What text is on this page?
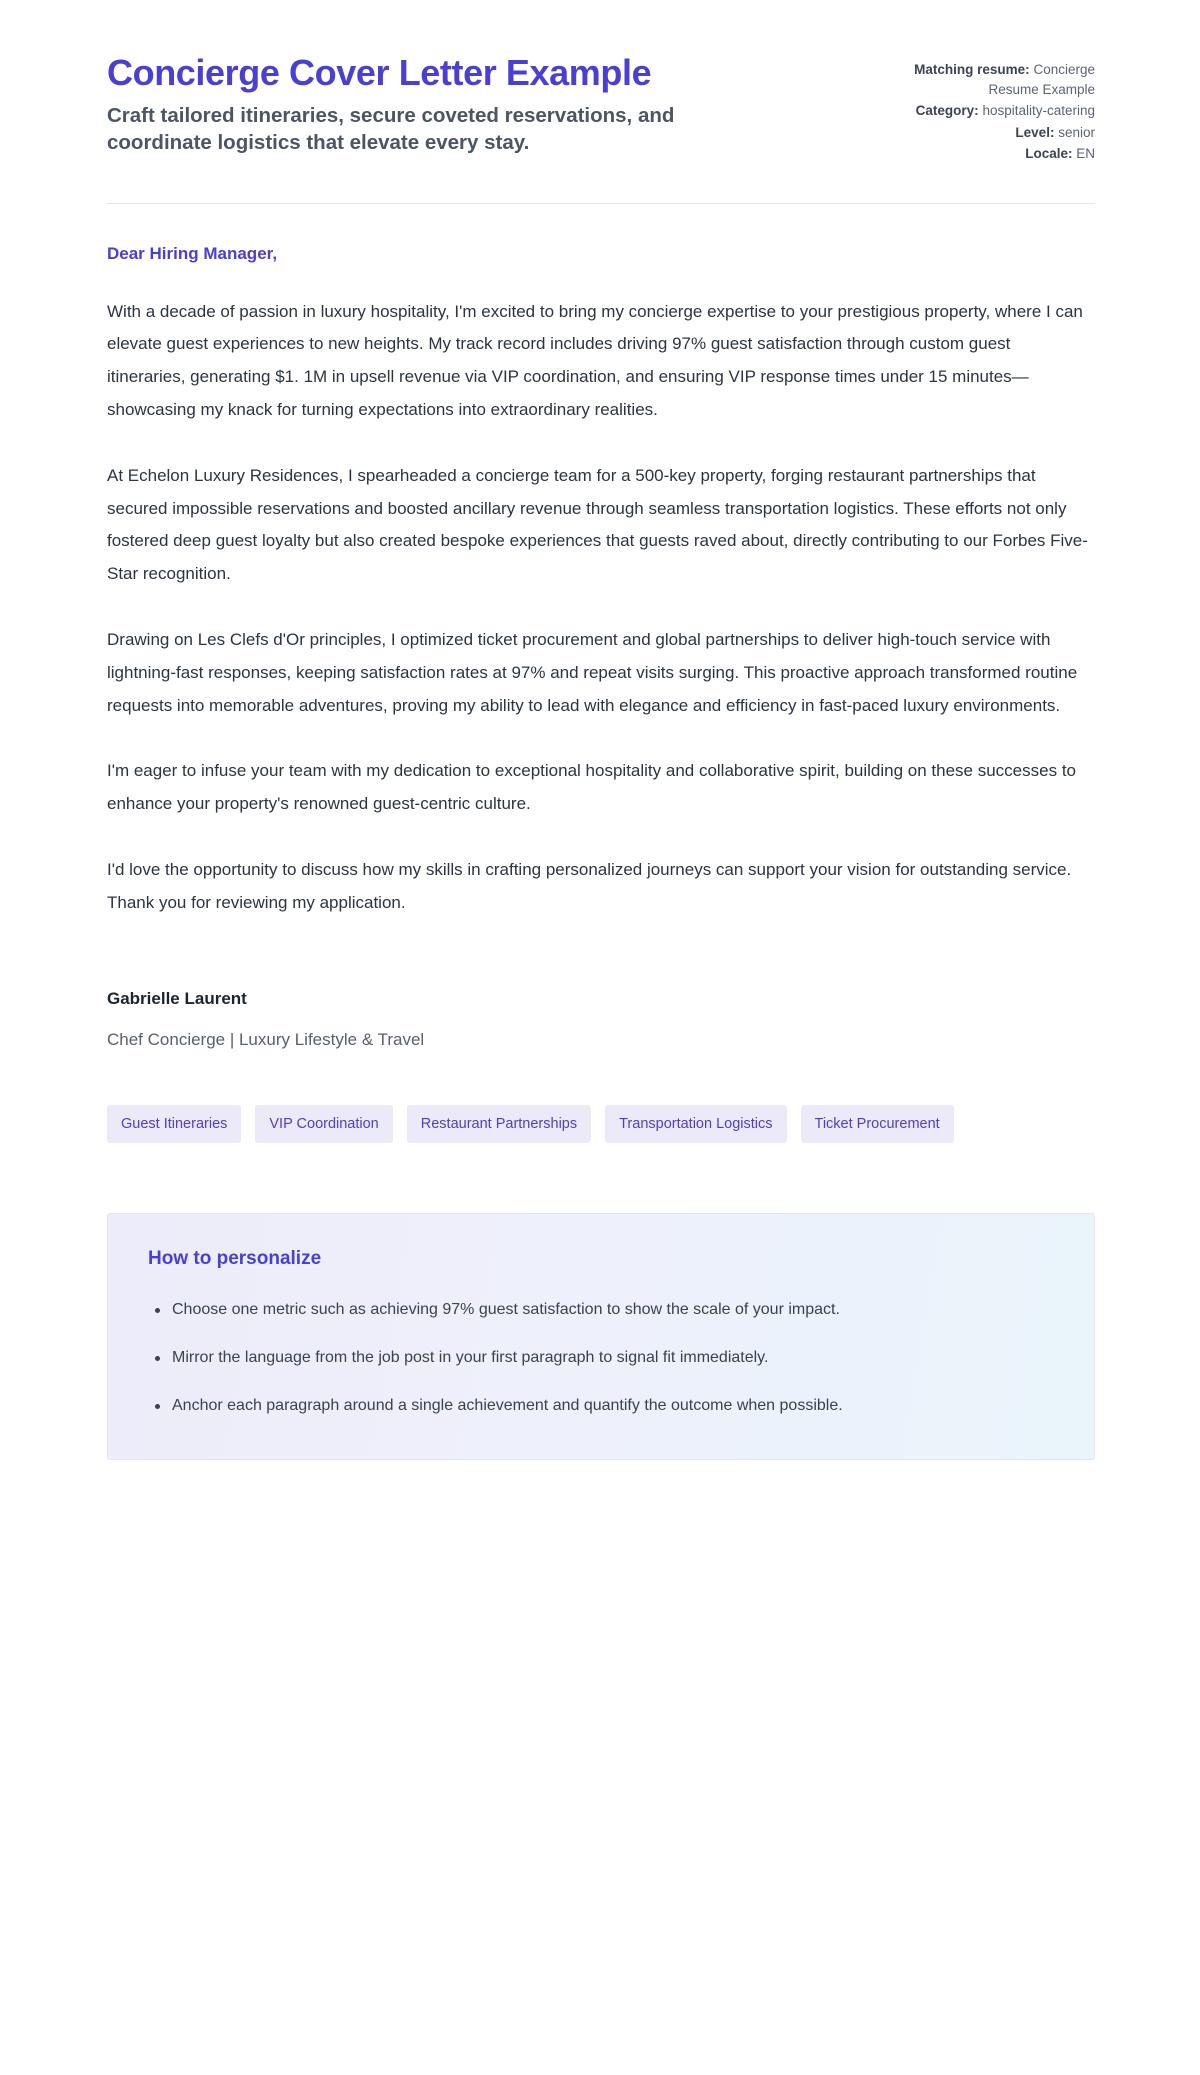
Concierge Cover Letter Example

Craft tailored itineraries, secure coveted reservations, and coordinate logistics that elevate every stay.

Matching resume: Concierge Resume Example
Category: hospitality-catering
Level: senior
Locale: EN

Dear Hiring Manager,

With a decade of passion in luxury hospitality, I'm excited to bring my concierge expertise to your prestigious property, where I can elevate guest experiences to new heights. My track record includes driving 97% guest satisfaction through custom guest itineraries, generating $1. 1M in upsell revenue via VIP coordination, and ensuring VIP response times under 15 minutes—showcasing my knack for turning expectations into extraordinary realities.

At Echelon Luxury Residences, I spearheaded a concierge team for a 500-key property, forging restaurant partnerships that secured impossible reservations and boosted ancillary revenue through seamless transportation logistics. These efforts not only fostered deep guest loyalty but also created bespoke experiences that guests raved about, directly contributing to our Forbes Five-Star recognition.

Drawing on Les Clefs d'Or principles, I optimized ticket procurement and global partnerships to deliver high-touch service with lightning-fast responses, keeping satisfaction rates at 97% and repeat visits surging. This proactive approach transformed routine requests into memorable adventures, proving my ability to lead with elegance and efficiency in fast-paced luxury environments.

I'm eager to infuse your team with my dedication to exceptional hospitality and collaborative spirit, building on these successes to enhance your property's renowned guest-centric culture.

I'd love the opportunity to discuss how my skills in crafting personalized journeys can support your vision for outstanding service. Thank you for reviewing my application.

Gabrielle Laurent

Chef Concierge | Luxury Lifestyle & Travel

Guest Itineraries	VIP Coordination	Restaurant Partnerships	Transportation Logistics	Ticket Procurement
How to personalize
Choose one metric such as achieving 97% guest satisfaction to show the scale of your impact.
Mirror the language from the job post in your first paragraph to signal fit immediately.
Anchor each paragraph around a single achievement and quantify the outcome when possible.
